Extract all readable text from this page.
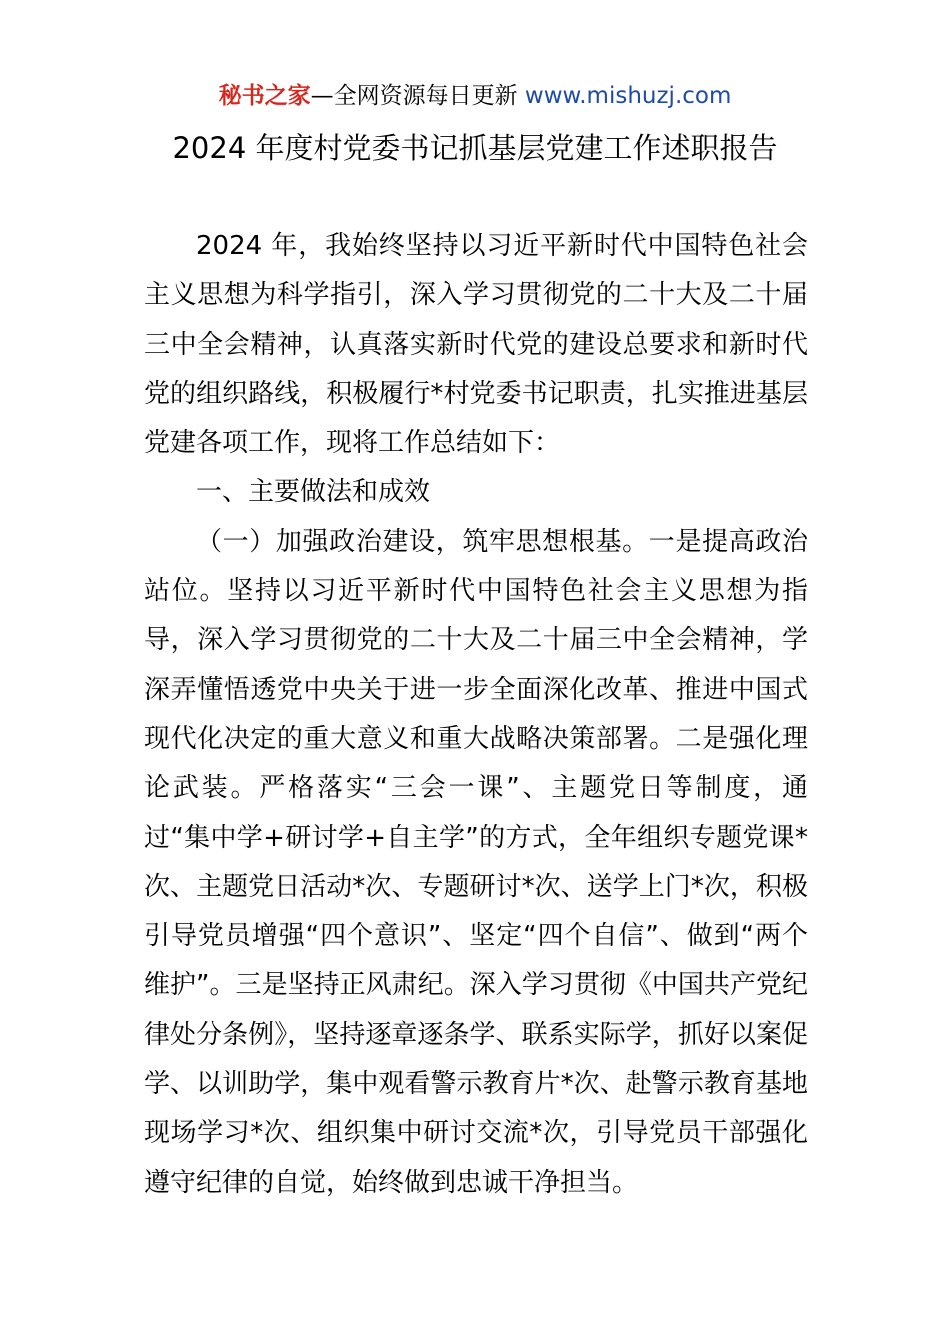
秘书之家—全网资源每日更新 www.mishuzj.com
2024 年度村党委书记抓基层党建工作述职报告

2024 年，我始终坚持以习近平新时代中国特色社会主义思想为科学指引，深入学习贯彻党的二十大及二十届三中全会精神，认真落实新时代党的建设总要求和新时代党的组织路线，积极履行*村党委书记职责，扎实推进基层党建各项工作，现将工作总结如下：

一、主要做法和成效

（一）加强政治建设，筑牢思想根基。一是提高政治站位。坚持以习近平新时代中国特色社会主义思想为指导，深入学习贯彻党的二十大及二十届三中全会精神，学深弄懂悟透党中央关于进一步全面深化改革、推进中国式现代化决定的重大意义和重大战略决策部署。二是强化理论武装。严格落实“三会一课”、主题党日等制度，通过“集中学+研讨学+自主学”的方式，全年组织专题党课*次、主题党日活动*次、专题研讨*次、送学上门*次，积极引导党员增强“四个意识”、坚定“四个自信”、做到“两个维护”。三是坚持正风肃纪。深入学习贯彻《中国共产党纪律处分条例》，坚持逐章逐条学、联系实际学，抓好以案促学、以训助学，集中观看警示教育片*次、赴警示教育基地现场学习*次、组织集中研讨交流*次，引导党员干部强化遵守纪律的自觉，始终做到忠诚干净担当。
